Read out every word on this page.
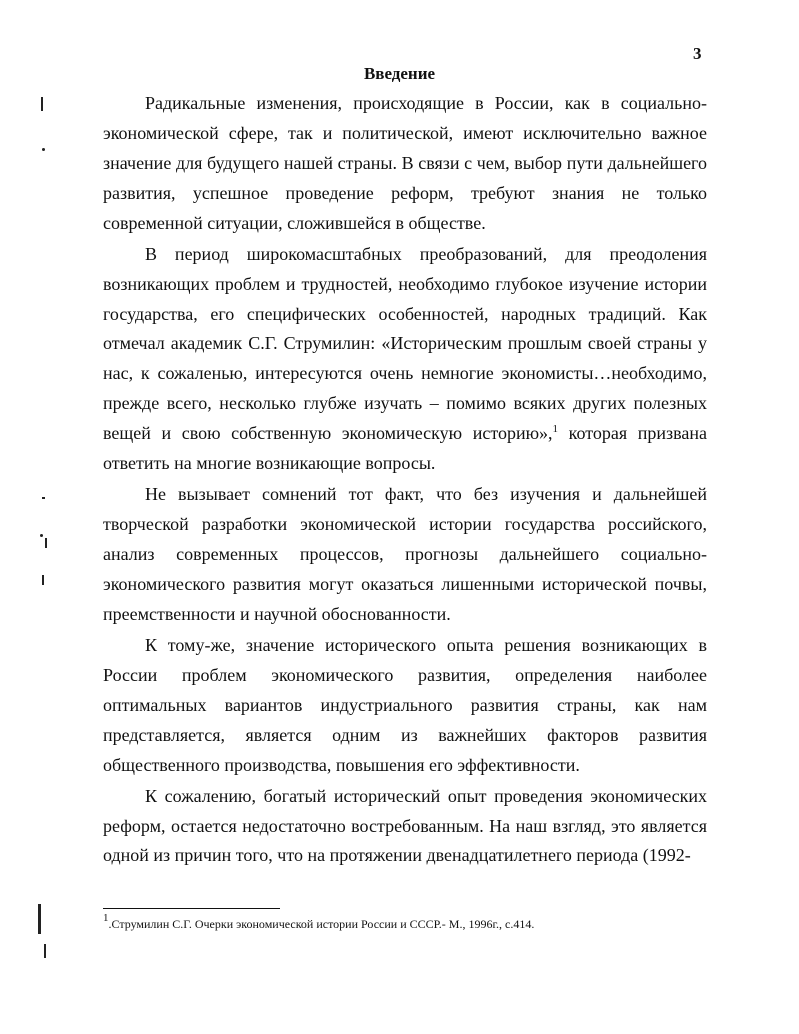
3
Введение

Радикальные изменения, происходящие в России, как в социально-экономической сфере, так и политической, имеют исключительно важное значение для будущего нашей страны. В связи с чем, выбор пути дальнейшего развития, успешное проведение реформ, требуют знания не только современной ситуации, сложившейся в обществе.

В период широкомасштабных преобразований, для преодоления возникающих проблем и трудностей, необходимо глубокое изучение истории государства, его специфических особенностей, народных традиций. Как отмечал академик С.Г. Струмилин: «Историческим прошлым своей страны у нас, к сожаленью, интересуются очень немногие экономисты…необходимо, прежде всего, несколько глубже изучать – помимо всяких других полезных вещей и свою собственную экономическую историю»,$^1$ которая призвана ответить на многие возникающие вопросы.

Не вызывает сомнений тот факт, что без изучения и дальнейшей творческой разработки экономической истории государства российского, анализ современных процессов, прогнозы дальнейшего социально-экономического развития могут оказаться лишенными исторической почвы, преемственности и научной обоснованности.

К тому-же, значение исторического опыта решения возникающих в России проблем экономического развития, определения наиболее оптимальных вариантов индустриального развития страны, как нам представляется, является одним из важнейших факторов развития общественного производства, повышения его эффективности.

К сожалению, богатый исторический опыт проведения экономических реформ, остается недостаточно востребованным. На наш взгляд, это является одной из причин того, что на протяжении двенадцатилетнего периода (1992-

$^1$.Струмилин С.Г. Очерки экономической истории России и СССР.- М., 1996г., с.414.
